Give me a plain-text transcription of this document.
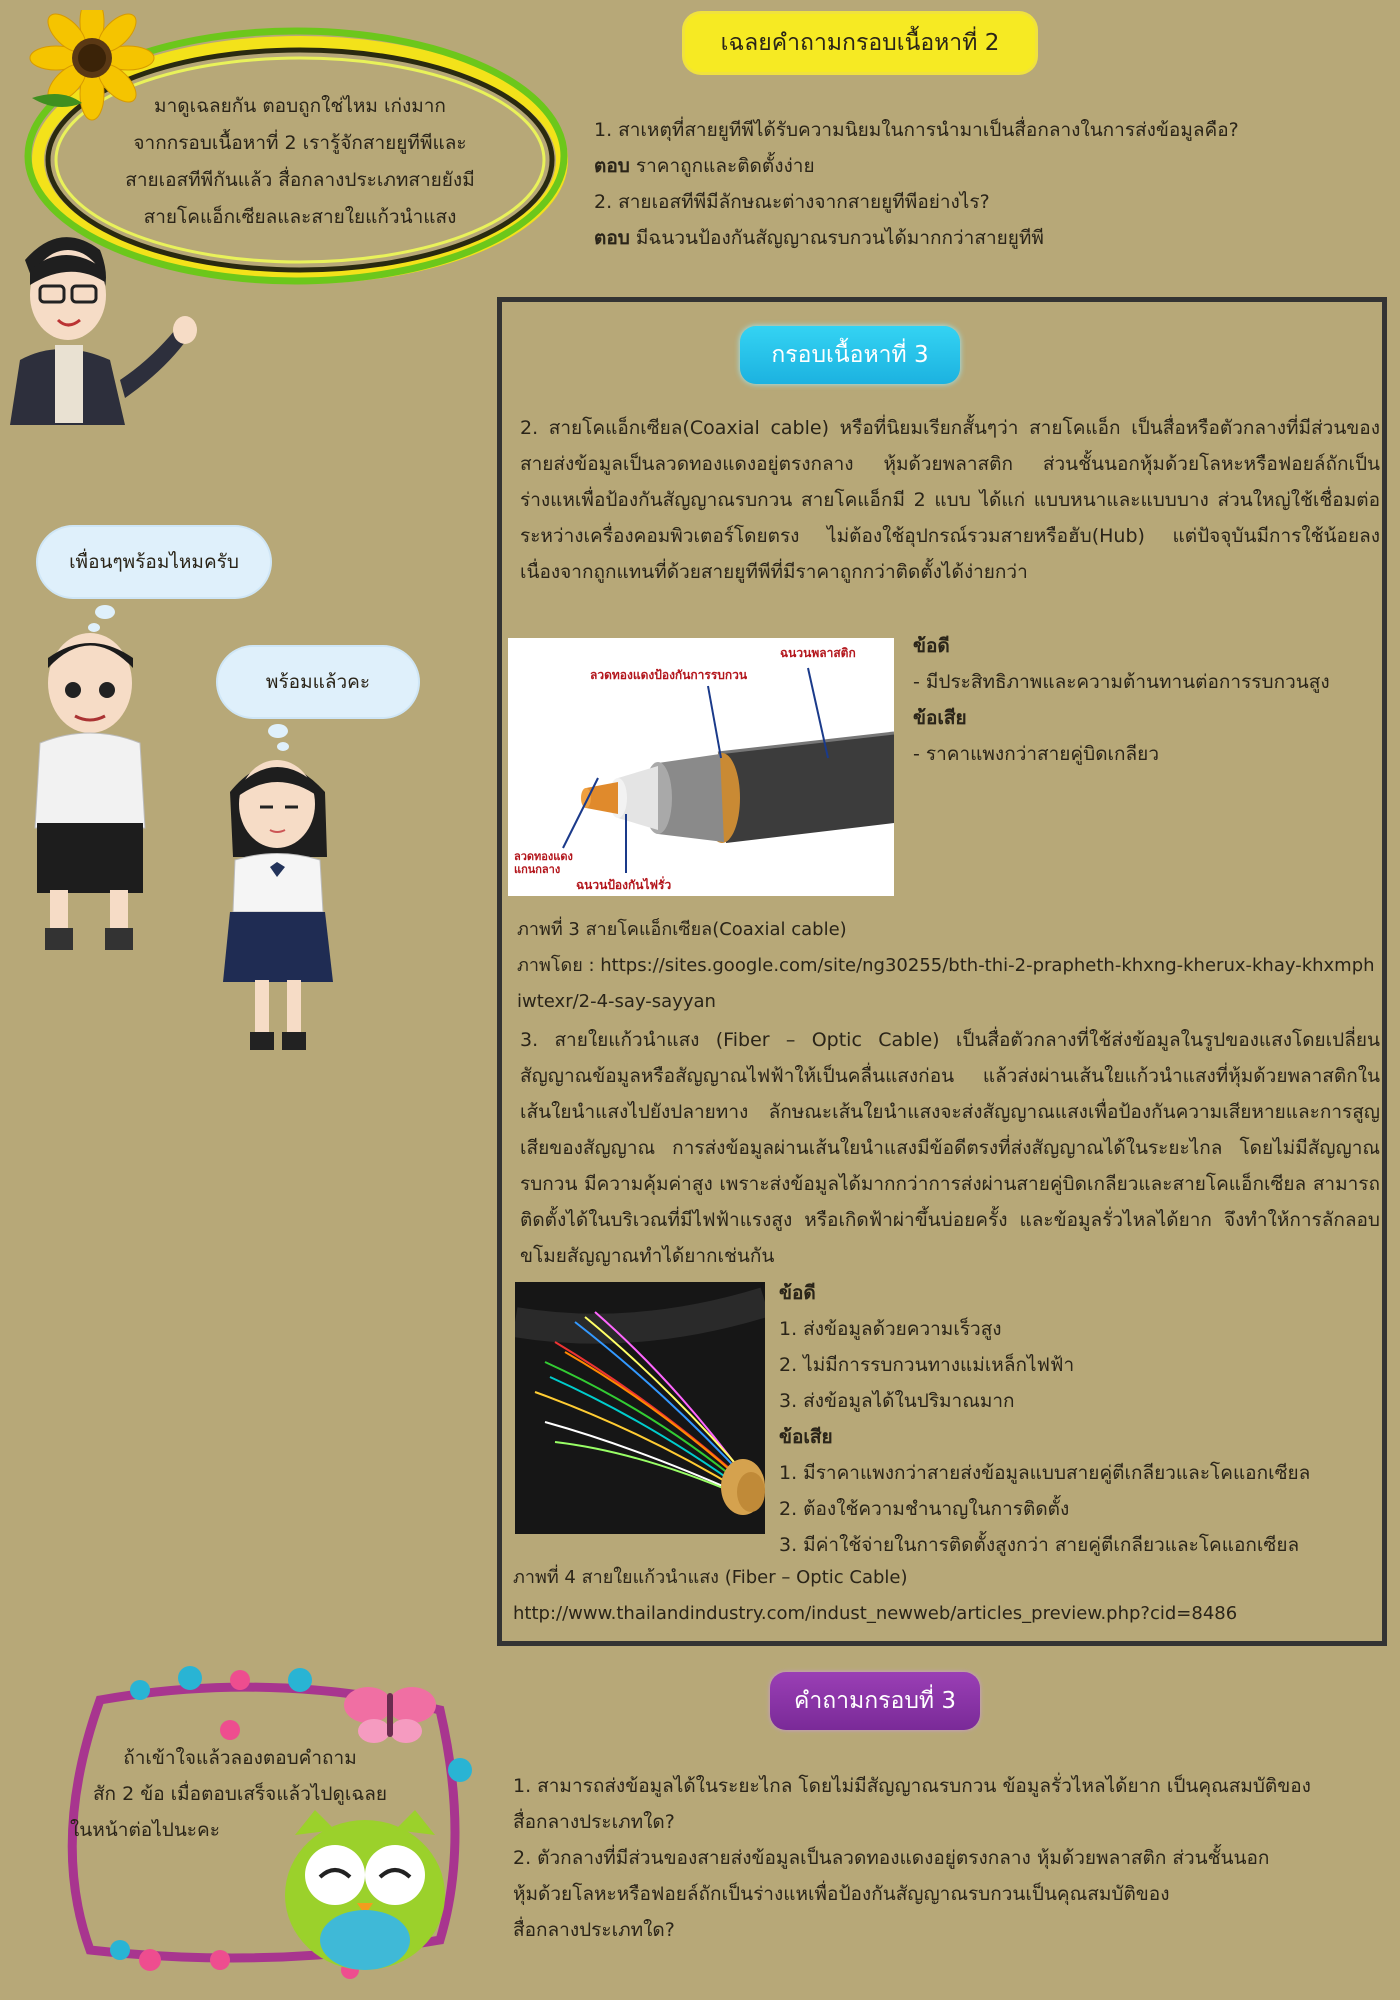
มาดูเฉลยกัน ตอบถูกใช่ไหม เก่งมาก
จากกรอบเนื้อหาที่ 2 เรารู้จักสายยูทีพีและ
สายเอสทีพีกันแล้ว สื่อกลางประเภทสายยังมี
สายโคแอ็กเซียลและสายใยแก้วนำแสง
เฉลยคำถามกรอบเนื้อหาที่ 2
1. สาเหตุที่สายยูทีพีได้รับความนิยมในการนำมาเป็นสื่อกลางในการส่งข้อมูลคือ?
ตอบ ราคาถูกและติดตั้งง่าย
2. สายเอสทีพีมีลักษณะต่างจากสายยูทีพีอย่างไร?
ตอบ มีฉนวนป้องกันสัญญาณรบกวนได้มากกว่าสายยูทีพี
เพื่อนๆพร้อมไหมครับ
พร้อมแล้วคะ
กรอบเนื้อหาที่ 3
2. สายโคแอ็กเซียล(Coaxial cable) หรือที่นิยมเรียกสั้นๆว่า สายโคแอ็ก เป็นสื่อหรือตัวกลางที่มีส่วนของสายส่งข้อมูลเป็นลวดทองแดงอยู่ตรงกลาง หุ้มด้วยพลาสติก ส่วนชั้นนอกหุ้มด้วยโลหะหรือฟอยล์ถักเป็นร่างแหเพื่อป้องกันสัญญาณรบกวน สายโคแอ็กมี 2 แบบ ได้แก่ แบบหนาและแบบบาง ส่วนใหญ่ใช้เชื่อมต่อระหว่างเครื่องคอมพิวเตอร์โดยตรง ไม่ต้องใช้อุปกรณ์รวมสายหรือฮับ(Hub) แต่ปัจจุบันมีการใช้น้อยลงเนื่องจากถูกแทนที่ด้วยสายยูทีพีที่มีราคาถูกกว่าติดตั้งได้ง่ายกว่า
ฉนวนพลาสติก
ลวดทองแดงป้องกันการรบกวน
ลวดทองแดง แกนกลาง
ฉนวนป้องกันไฟรั่ว
ข้อดี
- มีประสิทธิภาพและความต้านทานต่อการรบกวนสูง
ข้อเสีย
- ราคาแพงกว่าสายคู่บิดเกลียว
ภาพที่ 3 สายโคแอ็กเซียล(Coaxial cable)
ภาพโดย : https://sites.google.com/site/ng30255/bth-thi-2-prapheth-khxng-kherux-khay-khxmphiwtexr/2-4-say-sayyan
3. สายใยแก้วนำแสง (Fiber – Optic Cable) เป็นสื่อตัวกลางที่ใช้ส่งข้อมูลในรูปของแสงโดยเปลี่ยนสัญญาณข้อมูลหรือสัญญาณไฟฟ้าให้เป็นคลื่นแสงก่อน แล้วส่งผ่านเส้นใยแก้วนำแสงที่หุ้มด้วยพลาสติกในเส้นใยนำแสงไปยังปลายทาง ลักษณะเส้นใยนำแสงจะส่งสัญญาณแสงเพื่อป้องกันความเสียหายและการสูญเสียของสัญญาณ การส่งข้อมูลผ่านเส้นใยนำแสงมีข้อดีตรงที่ส่งสัญญาณได้ในระยะไกล โดยไม่มีสัญญาณรบกวน มีความคุ้มค่าสูง เพราะส่งข้อมูลได้มากกว่าการส่งผ่านสายคู่บิดเกลียวและสายโคแอ็กเซียล สามารถติดตั้งได้ในบริเวณที่มีไฟฟ้าแรงสูง หรือเกิดฟ้าผ่าขึ้นบ่อยครั้ง และข้อมูลรั่วไหลได้ยาก จึงทำให้การลักลอบขโมยสัญญาณทำได้ยากเช่นกัน
ข้อดี
1. ส่งข้อมูลด้วยความเร็วสูง
2. ไม่มีการรบกวนทางแม่เหล็กไฟฟ้า
3. ส่งข้อมูลได้ในปริมาณมาก
ข้อเสีย
1. มีราคาแพงกว่าสายส่งข้อมูลแบบสายคู่ตีเกลียวและโคแอกเซียล
2. ต้องใช้ความชำนาญในการติดตั้ง
3. มีค่าใช้จ่ายในการติดตั้งสูงกว่า สายคู่ตีเกลียวและโคแอกเซียล
ภาพที่ 4 สายใยแก้วนำแสง (Fiber – Optic Cable)
http://www.thailandindustry.com/indust_newweb/articles_preview.php?cid=8486
คำถามกรอบที่ 3
1. สามารถส่งข้อมูลได้ในระยะไกล โดยไม่มีสัญญาณรบกวน ข้อมูลรั่วไหลได้ยาก เป็นคุณสมบัติของ
สื่อกลางประเภทใด?
2. ตัวกลางที่มีส่วนของสายส่งข้อมูลเป็นลวดทองแดงอยู่ตรงกลาง หุ้มด้วยพลาสติก ส่วนชั้นนอก
หุ้มด้วยโลหะหรือฟอยล์ถักเป็นร่างแหเพื่อป้องกันสัญญาณรบกวนเป็นคุณสมบัติของ
สื่อกลางประเภทใด?
ถ้าเข้าใจแล้วลองตอบคำถาม
สัก 2 ข้อ เมื่อตอบเสร็จแล้วไปดูเฉลย
ในหน้าต่อไปนะคะ
